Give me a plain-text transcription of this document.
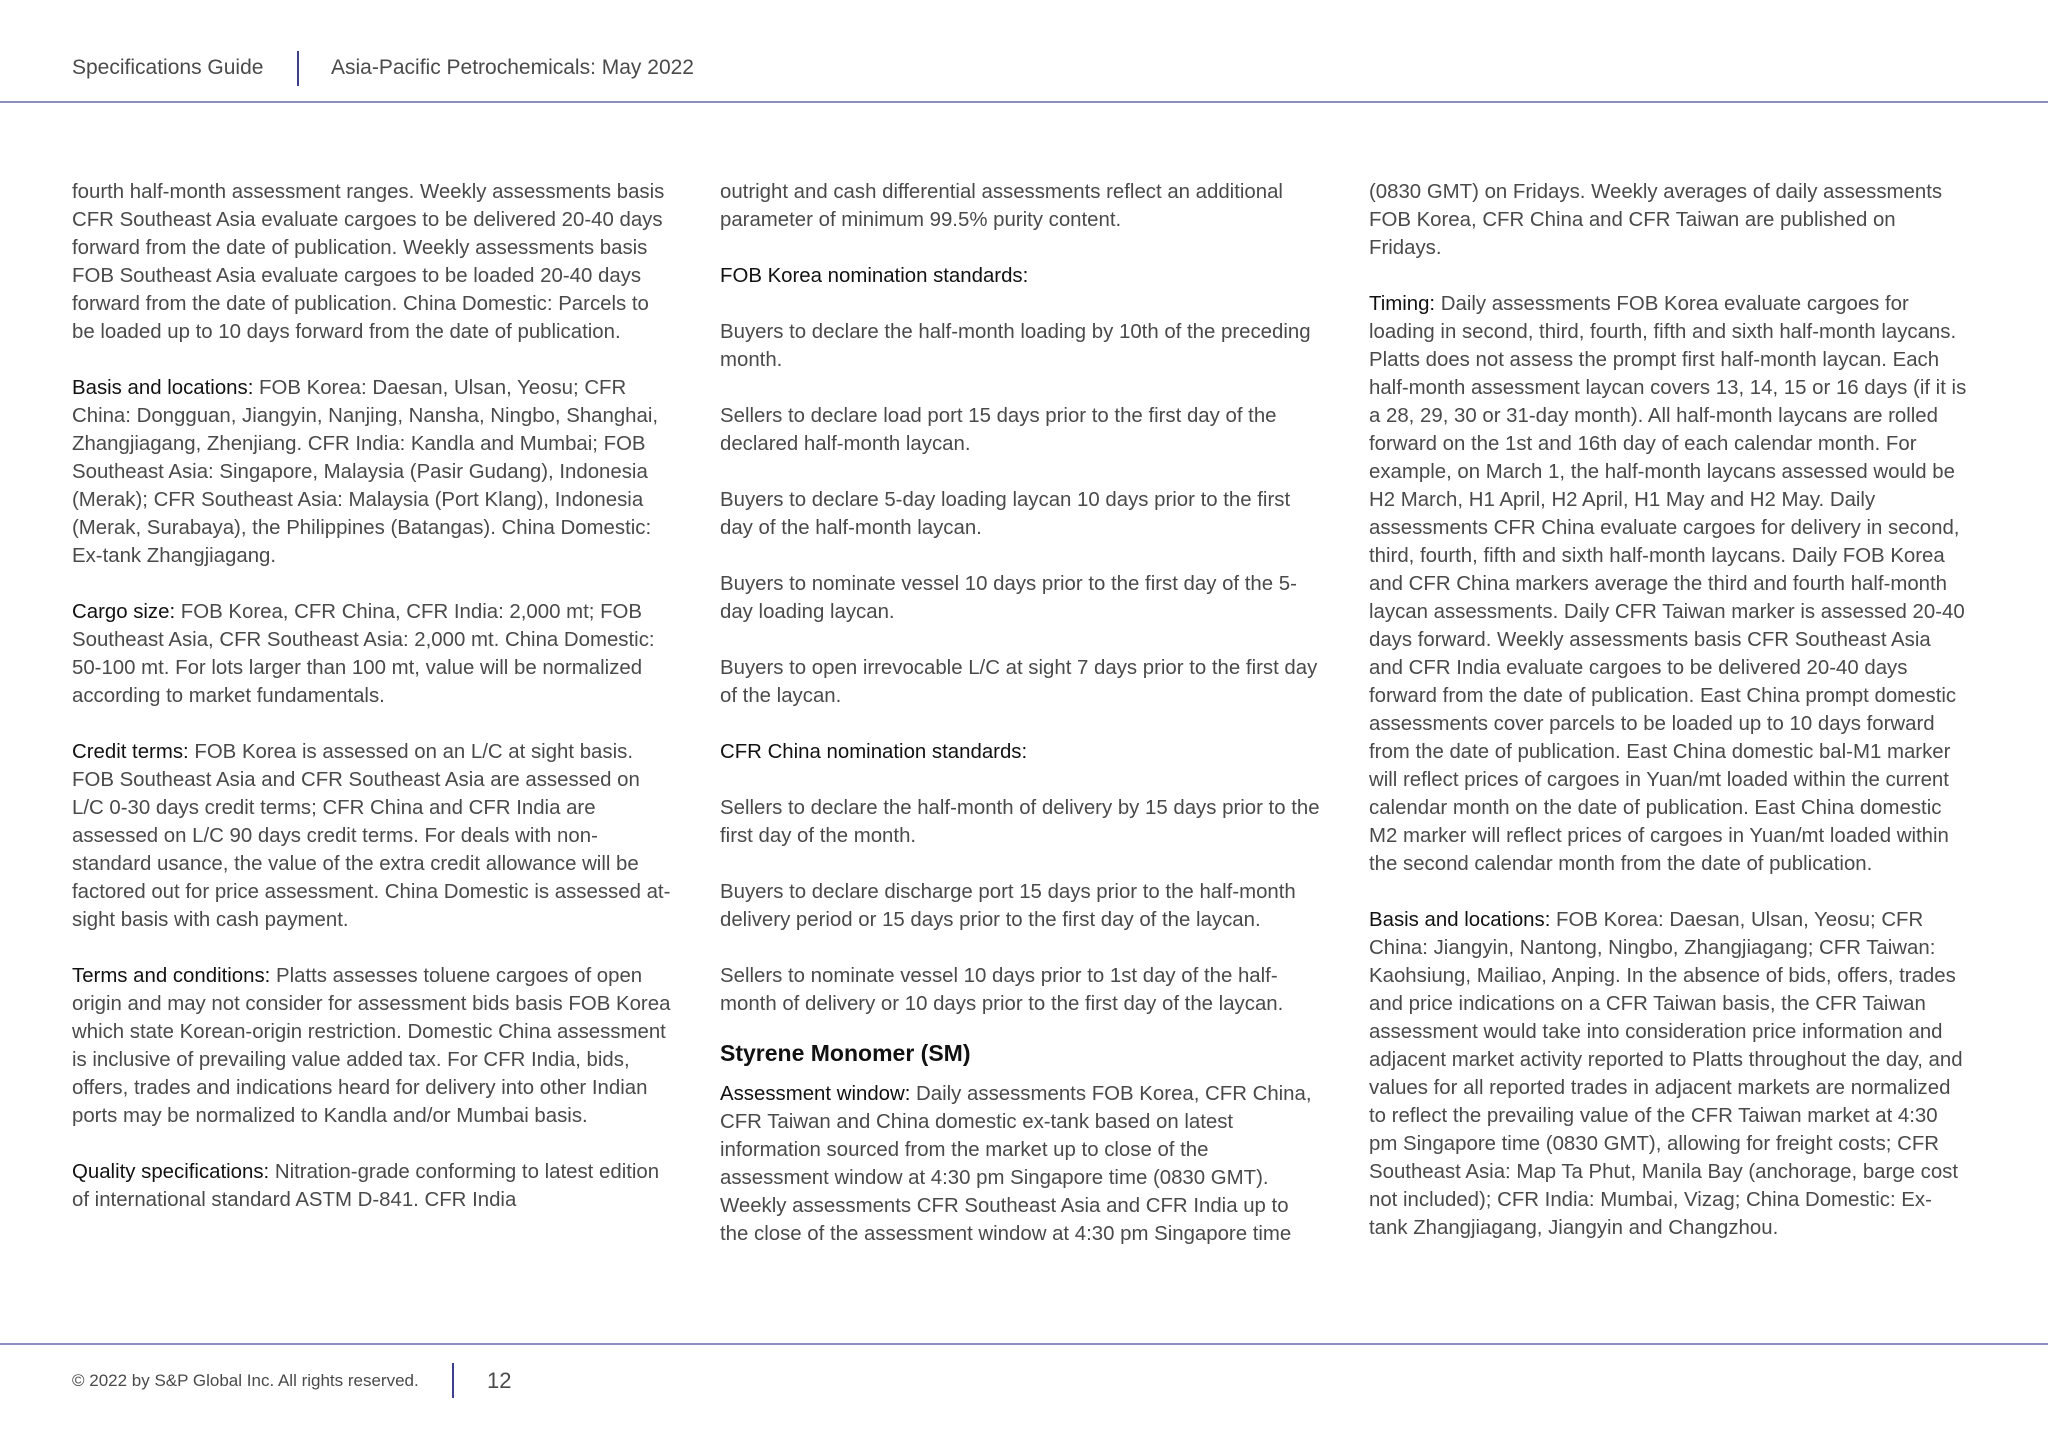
Specifications Guide	Asia-Pacific Petrochemicals: May 2022

fourth half-month assessment ranges. Weekly assessments basis CFR Southeast Asia evaluate cargoes to be delivered 20-40 days forward from the date of publication. Weekly assessments basis FOB Southeast Asia evaluate cargoes to be loaded 20-40 days forward from the date of publication. China Domestic: Parcels to be loaded up to 10 days forward from the date of publication.

Basis and locations: FOB Korea: Daesan, Ulsan, Yeosu; CFR China: Dongguan, Jiangyin, Nanjing, Nansha, Ningbo, Shanghai, Zhangjiagang, Zhenjiang. CFR India: Kandla and Mumbai; FOB Southeast Asia: Singapore, Malaysia (Pasir Gudang), Indonesia (Merak); CFR Southeast Asia: Malaysia (Port Klang), Indonesia (Merak, Surabaya), the Philippines (Batangas). China Domestic: Ex-tank Zhangjiagang.

Cargo size: FOB Korea, CFR China, CFR India: 2,000 mt; FOB Southeast Asia, CFR Southeast Asia: 2,000 mt. China Domestic: 50-100 mt. For lots larger than 100 mt, value will be normalized according to market fundamentals.

Credit terms: FOB Korea is assessed on an L/C at sight basis. FOB Southeast Asia and CFR Southeast Asia are assessed on L/C 0-30 days credit terms; CFR China and CFR India are assessed on L/C 90 days credit terms. For deals with non-standard usance, the value of the extra credit allowance will be factored out for price assessment. China Domestic is assessed at-sight basis with cash payment.

Terms and conditions: Platts assesses toluene cargoes of open origin and may not consider for assessment bids basis FOB Korea which state Korean-origin restriction. Domestic China assessment is inclusive of prevailing value added tax. For CFR India, bids, offers, trades and indications heard for delivery into other Indian ports may be normalized to Kandla and/or Mumbai basis.

Quality specifications: Nitration-grade conforming to latest edition of international standard ASTM D-841. CFR India

outright and cash differential assessments reflect an additional parameter of minimum 99.5% purity content.

FOB Korea nomination standards:

Buyers to declare the half-month loading by 10th of the preceding month.

Sellers to declare load port 15 days prior to the first day of the declared half-month laycan.

Buyers to declare 5-day loading laycan 10 days prior to the first day of the half-month laycan.

Buyers to nominate vessel 10 days prior to the first day of the 5-day loading laycan.

Buyers to open irrevocable L/C at sight 7 days prior to the first day of the laycan.

CFR China nomination standards:

Sellers to declare the half-month of delivery by 15 days prior to the first day of the month.

Buyers to declare discharge port 15 days prior to the half-month delivery period or 15 days prior to the first day of the laycan.

Sellers to nominate vessel 10 days prior to 1st day of the half-month of delivery or 10 days prior to the first day of the laycan.

Styrene Monomer (SM)

Assessment window: Daily assessments FOB Korea, CFR China, CFR Taiwan and China domestic ex-tank based on latest information sourced from the market up to close of the assessment window at 4:30 pm Singapore time (0830 GMT). Weekly assessments CFR Southeast Asia and CFR India up to the close of the assessment window at 4:30 pm Singapore time

(0830 GMT) on Fridays. Weekly averages of daily assessments FOB Korea, CFR China and CFR Taiwan are published on Fridays.

Timing: Daily assessments FOB Korea evaluate cargoes for loading in second, third, fourth, fifth and sixth half-month laycans. Platts does not assess the prompt first half-month laycan. Each half-month assessment laycan covers 13, 14, 15 or 16 days (if it is a 28, 29, 30 or 31-day month). All half-month laycans are rolled forward on the 1st and 16th day of each calendar month. For example, on March 1, the half-month laycans assessed would be H2 March, H1 April, H2 April, H1 May and H2 May. Daily assessments CFR China evaluate cargoes for delivery in second, third, fourth, fifth and sixth half-month laycans. Daily FOB Korea and CFR China markers average the third and fourth half-month laycan assessments. Daily CFR Taiwan marker is assessed 20-40 days forward. Weekly assessments basis CFR Southeast Asia and CFR India evaluate cargoes to be delivered 20-40 days forward from the date of publication. East China prompt domestic assessments cover parcels to be loaded up to 10 days forward from the date of publication. East China domestic bal-M1 marker will reflect prices of cargoes in Yuan/mt loaded within the current calendar month on the date of publication. East China domestic M2 marker will reflect prices of cargoes in Yuan/mt loaded within the second calendar month from the date of publication.

Basis and locations: FOB Korea: Daesan, Ulsan, Yeosu; CFR China: Jiangyin, Nantong, Ningbo, Zhangjiagang; CFR Taiwan: Kaohsiung, Mailiao, Anping. In the absence of bids, offers, trades and price indications on a CFR Taiwan basis, the CFR Taiwan assessment would take into consideration price information and adjacent market activity reported to Platts throughout the day, and values for all reported trades in adjacent markets are normalized to reflect the prevailing value of the CFR Taiwan market at 4:30 pm Singapore time (0830 GMT), allowing for freight costs; CFR Southeast Asia: Map Ta Phut, Manila Bay (anchorage, barge cost not included); CFR India: Mumbai, Vizag; China Domestic: Ex-tank Zhangjiagang, Jiangyin and Changzhou.

© 2022 by S&P Global Inc. All rights reserved.	12
